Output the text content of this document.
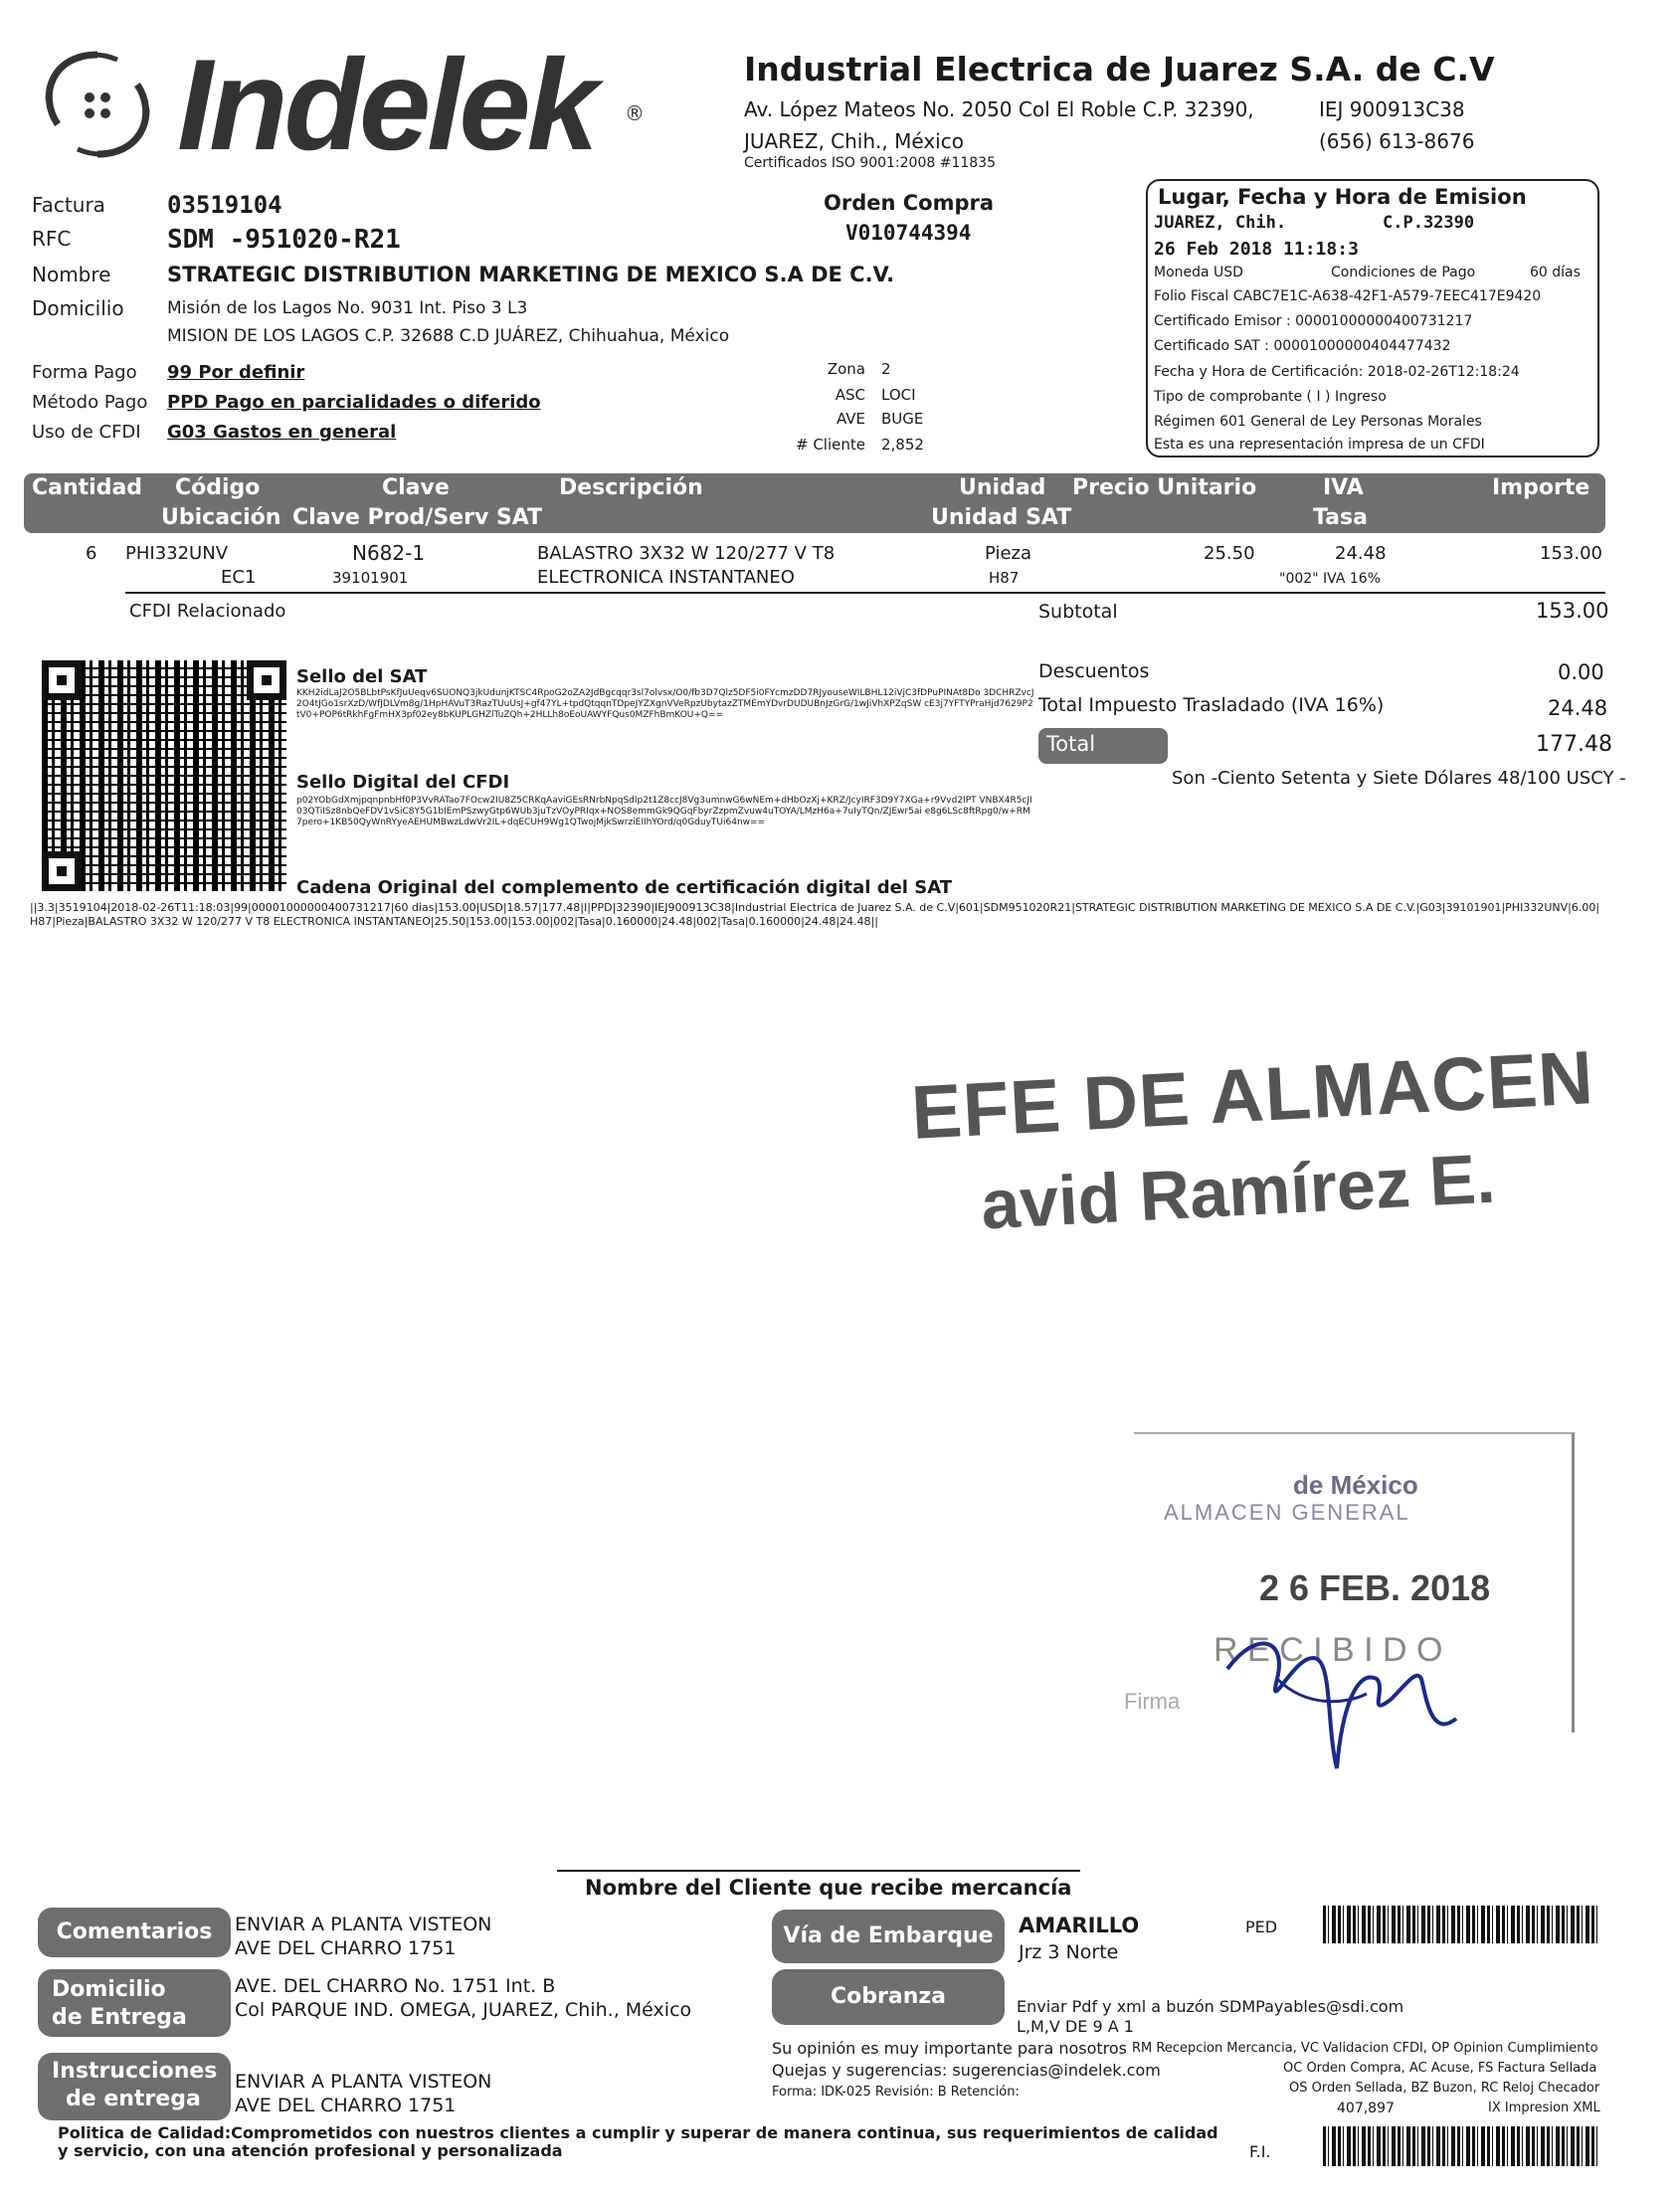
Indelek ®
Industrial Electrica de Juarez S.A. de C.V
Av. López Mateos No. 2050 Col El Roble C.P. 32390,	IEJ 900913C38
JUAREZ, Chih., México	(656) 613-8676
Certificados ISO 9001:2008 #11835
Factura	03519104
RFC	SDM -951020-R21
Nombre	STRATEGIC DISTRIBUTION MARKETING DE MEXICO S.A DE C.V.
Domicilio	Misión de los Lagos No. 9031 Int. Piso 3 L3
MISION DE LOS LAGOS C.P. 32688 C.D JUÁREZ, Chihuahua, México
Forma Pago 99 Por definir
Método Pago PPD Pago en parcialidades o diferido
Uso de CFDI G03 Gastos en general
Orden Compra
V010744394
Zona 2
ASC LOCI
AVE BUGE
# Cliente 2,852
Lugar, Fecha y Hora de Emision
JUAREZ, Chih.	C.P.32390
26 Feb 2018 11:18:3
Moneda USD	Condiciones de Pago	60 días
Folio Fiscal CABC7E1C-A638-42F1-A579-7EEC417E9420
Certificado Emisor : 00001000000400731217
Certificado SAT : 00001000000404477432
Fecha y Hora de Certificación: 2018-02-26T12:18:24
Tipo de comprobante ( I ) Ingreso
Régimen 601 General de Ley Personas Morales
Esta es una representación impresa de un CFDI
Cantidad Código	Clave	Descripción	Unidad Precio Unitario	IVA	Importe
Ubicación Clave Prod/Serv SAT	Unidad SAT	Tasa
6 PHI332UNV	N682-1	BALASTRO 3X32 W 120/277 V T8	Pieza	25.50	24.48	153.00
EC1	39101901	ELECTRONICA INSTANTANEO	H87	"002" IVA 16%
CFDI Relacionado	Subtotal	153.00
Descuentos	0.00
Total Impuesto Trasladado (IVA 16%)	24.48
Total	177.48
Son -Ciento Setenta y Siete Dólares 48/100 USCY -
Sello del SAT
KKH2idLaJ2O5BLbtPsKfJuUeqv6SUONQ3jkUdunjKTSC4RpoG2oZA2JdBgcqqr3sl7olvsx/O0/fb3D7Qlz5DF5i0FYcmzDD7RJyouseWILBHL12iVjC3fDPuPINAt8Do 3DCHRZvcJ2O4tJGo1srXzD/WfJDLVm8g/1HpHAVuT3RazTUuUsJ+gf47YL+tpdQtqqnTDpeJYZXgnVVeRpzUbytazZTMEmYDvrDUDUBnJzGrG/1wJiVhXPZqSW cE3j7YFTYPraHjd7629P2tV0+POP6tRkhFgFmHX3pf02ey8bKUPLGHZlTuZQh+2HLLh8oEoUAWYFQus0MZFhBmKOU+Q==
Sello Digital del CFDI
p02YObGdXmjpqnpnbHf0P3VvRATao7FOcw2IU8Z5CRKqAaviGEsRNrbNpqSdIp2t1Z8ccJ8Vg3umnwG6wNEm+dHbOzXj+KRZ/JcyIRF3D9Y7XGa+r9Vvd2IPT VNBX4R5cJI03QTiISz8nbQeFDV1vSiC8Y5G1bIEmPSzwyGtp6WUb3juTzVOyPRIqx+NOS8emmGk9QGqFbyrZzpmZvuw4uTOYA/LMzH6a+7uIyTQn/ZJEwr5ai e8g6LSc8ftRpg0/w+RM7pero+1KB50QyWnRYyeAEHUMBwzLdwVr2IL+dqECUH9Wg1QTwojMjkSwrziEIIhYOrd/q0GduyTUi64nw==
Cadena Original del complemento de certificación digital del SAT
||3.3|3519104|2018-02-26T11:18:03|99|00001000000400731217|60 dias|153.00|USD|18.57|177.48|I|PPD|32390|IEJ900913C38|Industrial Electrica de Juarez S.A. de C.V|601|SDM951020R21|STRATEGIC DISTRIBUTION MARKETING DE MEXICO S.A DE C.V.|G03|39101901|PHI332UNV|6.00|H87|Pieza|BALASTRO 3X32 W 120/277 V T8 ELECTRONICA INSTANTANEO|25.50|153.00|153.00|002|Tasa|0.160000|24.48|002|Tasa|0.160000|24.48|24.48||
EFE DE ALMACEN
avid Ramírez E.
de México
ALMACEN GENERAL
2 6 FEB. 2018
R E C I B I D O
Firma
Nombre del Cliente que recibe mercancía
Comentarios	ENVIAR A PLANTA VISTEON
AVE DEL CHARRO 1751
Domicilio
de Entrega
AVE. DEL CHARRO No. 1751 Int. B
Col PARQUE IND. OMEGA, JUAREZ, Chih., México
Instrucciones
de entrega
ENVIAR A PLANTA VISTEON
AVE DEL CHARRO 1751
Vía de Embarque	AMARILLO
Jrz 3 Norte
PED
Cobranza	Enviar Pdf y xml a buzón SDMPayables@sdi.com
L,M,V DE 9 A 1
Su opinión es muy importante para nosotros
Quejas y sugerencias: sugerencias@indelek.com
Forma: IDK-025 Revisión: B Retención:
RM Recepcion Mercancia, VC Validacion CFDI, OP Opinion Cumplimiento
OC Orden Compra, AC Acuse, FS Factura Sellada
OS Orden Sellada, BZ Buzon, RC Reloj Checador
407,897	IX Impresion XML
Politica de Calidad:Comprometidos con nuestros clientes a cumplir y superar de manera continua, sus requerimientos de calidad y servicio, con una atención profesional y personalizada	F.I.
